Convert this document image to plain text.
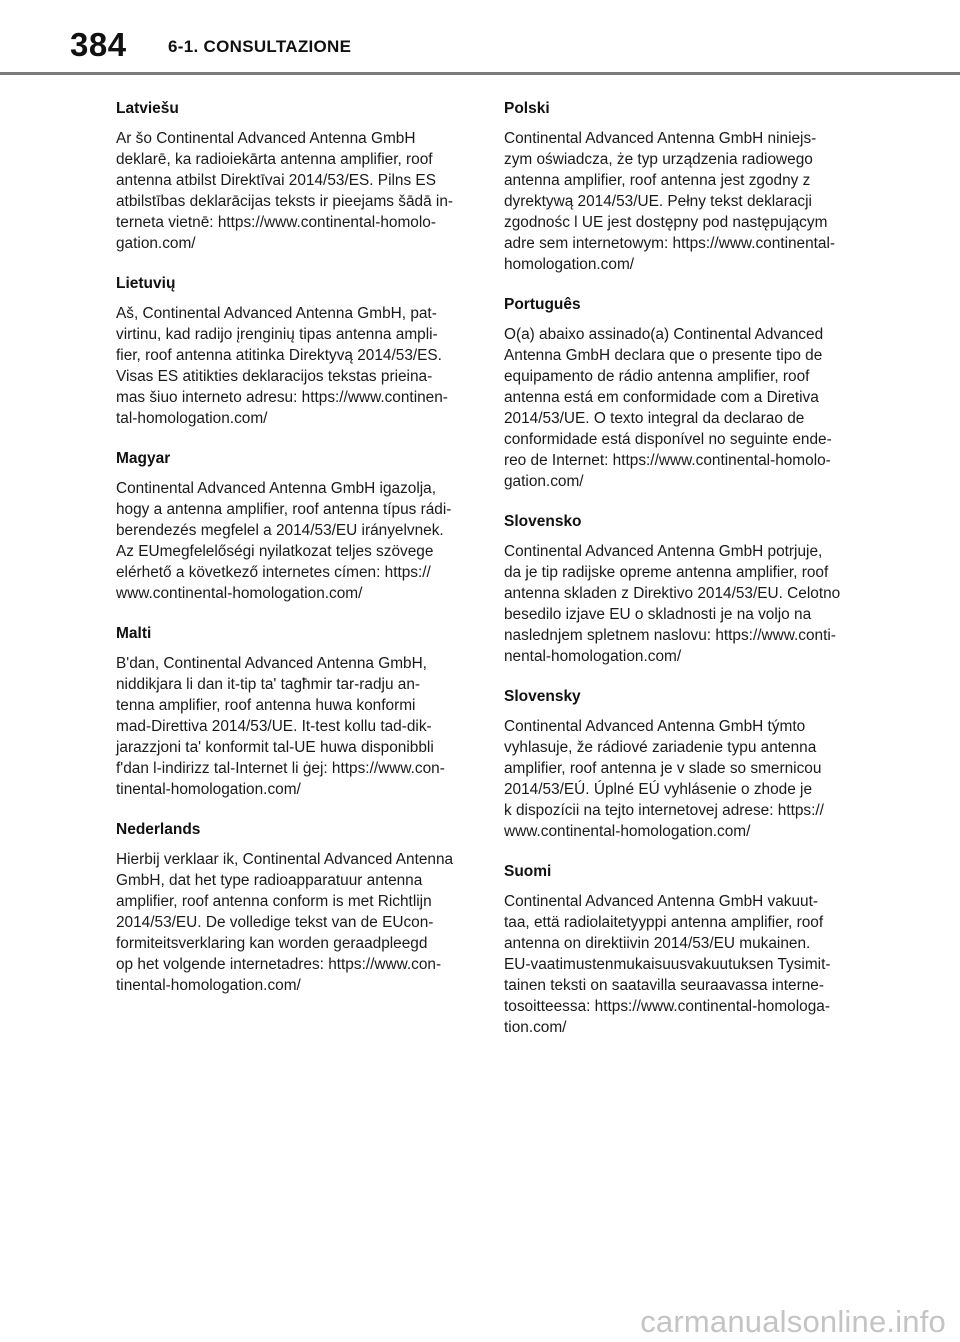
384 6-1. CONSULTAZIONE
Latviešu
Ar šo Continental Advanced Antenna GmbH
deklarē, ka radioiekārta antenna amplifier, roof
antenna atbilst Direktīvai 2014/53/ES. Pilns ES
atbilstības deklarācijas teksts ir pieejams šādā in-
terneta vietnē: https://www.continental-homolo-
gation.com/
Lietuvių
Aš, Continental Advanced Antenna GmbH, pat-
virtinu, kad radijo įrenginių tipas antenna ampli-
fier, roof antenna atitinka Direktyvą 2014/53/ES.
Visas ES atitikties deklaracijos tekstas prieina-
mas šiuo interneto adresu: https://www.continen-
tal-homologation.com/
Magyar
Continental Advanced Antenna GmbH igazolja,
hogy a antenna amplifier, roof antenna típus rádi-
berendezés megfelel a 2014/53/EU irányelvnek.
Az EUmegfelelőségi nyilatkozat teljes szövege
elérhető a következő internetes címen: https://
www.continental-homologation.com/
Malti
B'dan, Continental Advanced Antenna GmbH,
niddikjara li dan it-tip ta' tagħmir tar-radju an-
tenna amplifier, roof antenna huwa konformi
mad-Direttiva 2014/53/UE. It-test kollu tad-dik-
jarazzjoni ta' konformit tal-UE huwa disponibbli
f'dan l-indirizz tal-Internet li ġej: https://www.con-
tinental-homologation.com/
Nederlands
Hierbij verklaar ik, Continental Advanced Antenna
GmbH, dat het type radioapparatuur antenna
amplifier, roof antenna conform is met Richtlijn
2014/53/EU. De volledige tekst van de EUcon-
formiteitsverklaring kan worden geraadpleegd
op het volgende internetadres: https://www.con-
tinental-homologation.com/
Polski
Continental Advanced Antenna GmbH niniejs-
zym oświadcza, że typ urządzenia radiowego
antenna amplifier, roof antenna jest zgodny z
dyrektywą 2014/53/UE. Pełny tekst deklaracji
zgodnośc l UE jest dostępny pod następującym
adre sem internetowym: https://www.continental-
homologation.com/
Português
O(a) abaixo assinado(a) Continental Advanced
Antenna GmbH declara que o presente tipo de
equipamento de rádio antenna amplifier, roof
antenna está em conformidade com a Diretiva
2014/53/UE. O texto integral da declarao de
conformidade está disponível no seguinte ende-
reo de Internet: https://www.continental-homolo-
gation.com/
Slovensko
Continental Advanced Antenna GmbH potrjuje,
da je tip radijske opreme antenna amplifier, roof
antenna skladen z Direktivo 2014/53/EU. Celotno
besedilo izjave EU o skladnosti je na voljo na
naslednjem spletnem naslovu: https://www.conti-
nental-homologation.com/
Slovensky
Continental Advanced Antenna GmbH týmto
vyhlasuje, že rádiové zariadenie typu antenna
amplifier, roof antenna je v slade so smernicou
2014/53/EÚ. Úplné EÚ vyhlásenie o zhode je
k dispozícii na tejto internetovej adrese: https://
www.continental-homologation.com/
Suomi
Continental Advanced Antenna GmbH vakuut-
taa, että radiolaitetyyppi antenna amplifier, roof
antenna on direktiivin 2014/53/EU mukainen.
EU-vaatimustenmukaisuusvakuutuksen Tysimit-
tainen teksti on saatavilla seuraavassa interne-
tosoitteessa: https://www.continental-homologa-
tion.com/
carmanualsonline.info
